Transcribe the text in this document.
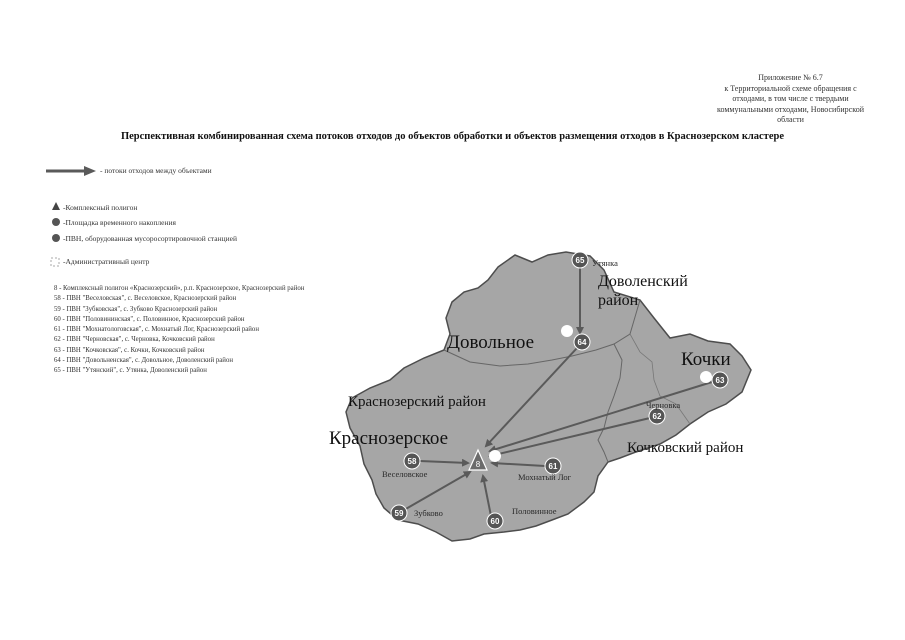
Приложение № 6.7
к Территориальной схеме обращения с
отходами, в том числе с твердыми
коммунальными отходами, Новосибирской
области
Перспективная комбинированная схема потоков отходов до объектов обработки и объектов размещения отходов в Краснозерском кластере
- потоки отходов между объектами
-Комплексный полигон
-Площадка временного накопления
-ПВН, оборудованная мусоросортировочной станцией
-Административный центр
8 - Комплексный полигон «Краснозерский», р.п. Краснозерское, Краснозерский район
58 - ПВН "Веселовская", с. Веселовское, Краснозерский район
59 - ПВН "Зубковская", с. Зубково Краснозерский район
60 - ПВН "Половининская", с. Половинное, Краснозерский район
61 - ПВН "Мохнатологовская", с. Мохнатый Лог, Краснозерский район
62 - ПВН "Черновская", с. Черновка, Кочковский район
63 - ПВН "Кочковская", с. Кочки, Кочковский район
64 - ПВН "Довольненская", с. Довольное, Доволенский район
65 - ПВН "Утянский", с. Утянка, Доволенский район
8
65
64
63
62
61
58
59
60
Доволенский
район
Краснозерский район
Кочковский район
Довольное
Кочки
Краснозерское
Утянка
Черновка
Веселовское	Мохнатый Лог
Зубково	Половинное
